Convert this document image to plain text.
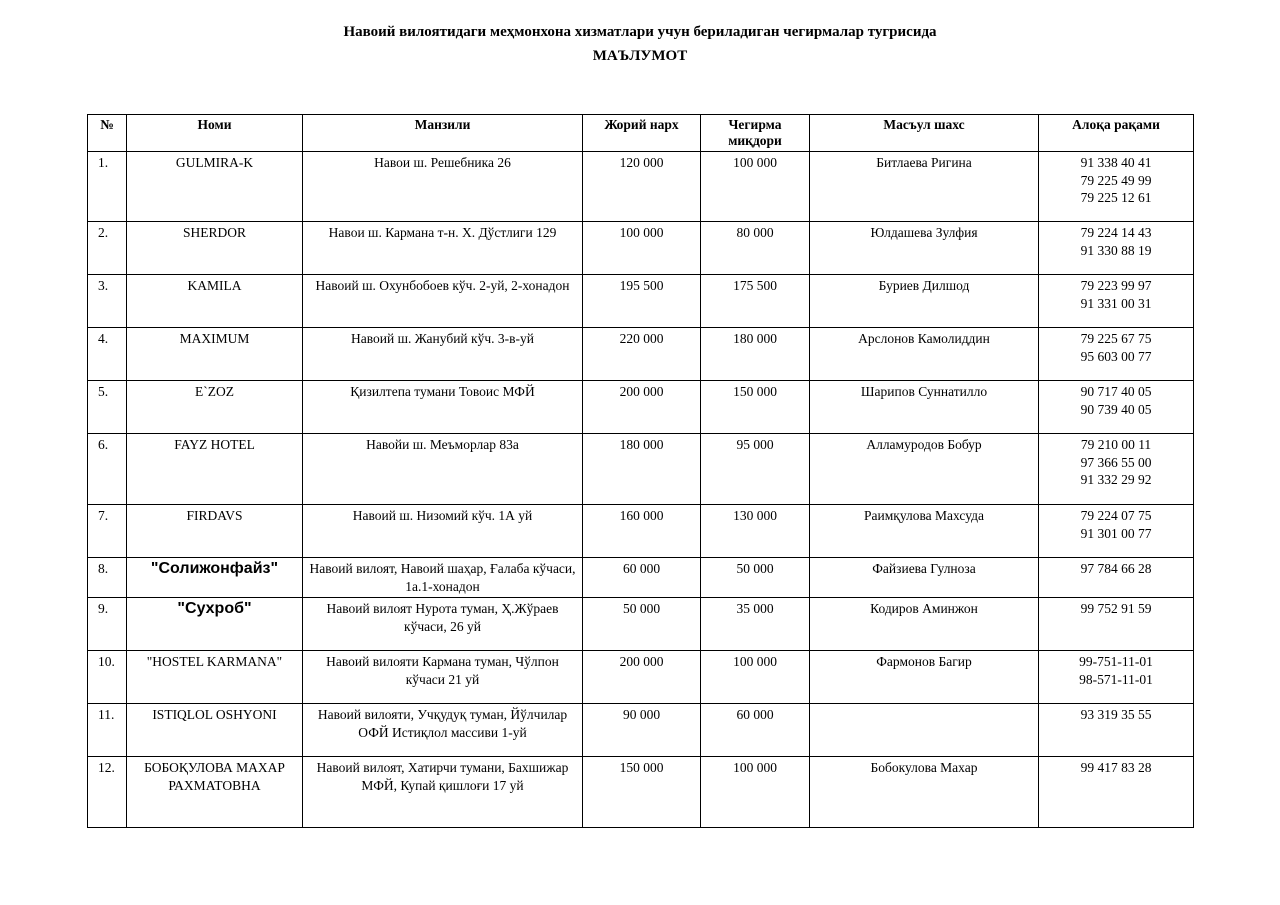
Навоий вилоятидаги меҳмонхона хизматлари учун бериладиган чегирмалар тугрисида
МАЪЛУМОТ
№	Номи	Манзили	Жорий нарх	Чегирма миқдори	Масъул шахс	Алоқа рақами
1.	GULMIRA-K	Навои ш. Решебника 26	120 000	100 000	Битлаева Ригина	91 338 40 41
79 225 49 99
79 225 12 61

2.	SHERDOR	Навои ш. Кармана т-н. Х. Дўстлиги 129	100 000	80 000	Юлдашева Зулфия	79 224 14 43
91 330 88 19

3.	KAMILA	Навоий ш. Охунбобоев кўч. 2-уй, 2-хонадон	195 500	175 500	Буриев Дилшод	79 223 99 97
91 331 00 31

4.	MAXIMUM	Навоий ш. Жанубий кўч. 3-в-уй	220 000	180 000	Арслонов Камолиддин	79 225 67 75
95 603 00 77

5.	E`ZOZ	Қизилтепа тумани Товоис МФЙ	200 000	150 000	Шарипов Суннатилло	90 717 40 05
90 739 40 05

6.	FAYZ HOTEL	Навойи ш. Меъморлар 83а	180 000	95 000	Алламуродов Бобур	79 210 00 11
97 366 55 00
91 332 29 92

7.	FIRDAVS	Навоий ш. Низомий кўч. 1А уй	160 000	130 000	Раимқулова Махсуда	79 224 07 75
91 301 00 77

8.	"Солижонфайз"	Навоий вилоят, Навоий шаҳар, Ғалаба кўчаси, 1а.1-хонадон	60 000	50 000	Файзиева Гулноза	97 784 66 28

9.	"Сухроб"	Навоий вилоят Нурота туман, Ҳ.Жўраев кўчаси, 26 уй	50 000	35 000	Кодиров Аминжон	99 752 91 59

10.	"HOSTEL KARMANA"	Навоий вилояти Кармана туман, Чўлпон кўчаси 21 уй	200 000	100 000	Фармонов Багир	99-751-11-01
98-571-11-01

11.	ISTIQLOL OSHYONI	Навоий вилояти, Учқудуқ туман, Йўлчилар ОФЙ Истиқлол массиви 1-уй	90 000	60 000		93 319 35 55

12.	БОБОҚУЛОВА МАХАР РАХМАТОВНА	Навоий вилоят, Хатирчи тумани, Бахшижар МФЙ, Купай қишлоғи 17 уй	150 000	100 000	Бобокулова Махар	99 417 83 28
